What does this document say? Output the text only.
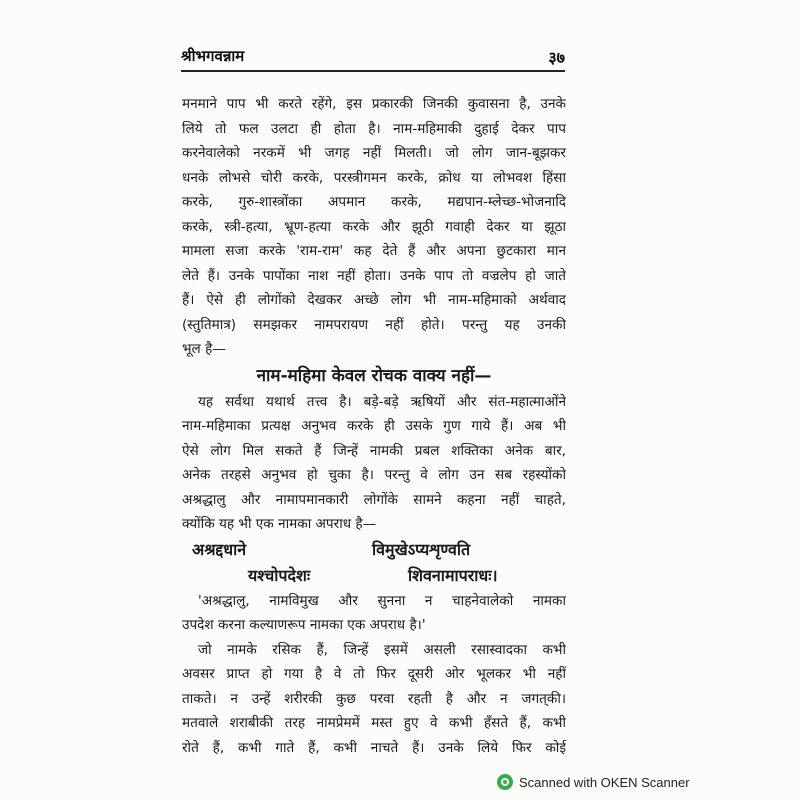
श्रीभगवन्नाम	३७
मनमाने पाप भी करते रहेंगे, इस प्रकारकी जिनकी कुवासना है, उनके
लिये तो फल उलटा ही होता है। नाम-महिमाकी दुहाई देकर पाप
करनेवालेको नरकमें भी जगह नहीं मिलती। जो लोग जान-बूझकर
धनके लोभसे चोरी करके, परस्त्रीगमन करके, क्रोध या लोभवश हिंसा
करके, गुरु-शास्त्रोंका अपमान करके, मद्यपान-म्लेच्छ-भोजनादि
करके, स्त्री-हत्या, भ्रूण-हत्या करके और झूठी गवाही देकर या झूठा
मामला सजा करके 'राम-राम' कह देते हैं और अपना छुटकारा मान
लेते हैं। उनके पापोंका नाश नहीं होता। उनके पाप तो वज्रलेप हो जाते
हैं। ऐसे ही लोगोंको देखकर अच्छे लोग भी नाम-महिमाको अर्थवाद
(स्तुतिमात्र) समझकर नामपरायण नहीं होते। परन्तु यह उनकी
भूल है—
नाम-महिमा केवल रोचक वाक्य नहीं—
यह सर्वथा यथार्थ तत्त्व है। बड़े-बड़े ऋषियों और संत-महात्माओंने
नाम-महिमाका प्रत्यक्ष अनुभव करके ही उसके गुण गाये हैं। अब भी
ऐसे लोग मिल सकते हैं जिन्हें नामकी प्रबल शक्तिका अनेक बार,
अनेक तरहसे अनुभव हो चुका है। परन्तु वे लोग उन सब रहस्योंको
अश्रद्धालु और नामापमानकारी लोगोंके सामने कहना नहीं चाहते,
क्योंकि यह भी एक नामका अपराध है—
अश्रद्दधाने	विमुखेऽप्यशृण्वति
यश्चोपदेशः	शिवनामापराधः।
'अश्रद्धालु, नामविमुख और सुनना न चाहनेवालेको नामका
उपदेश करना कल्याणरूप नामका एक अपराध है।'
जो नामके रसिक हैं, जिन्हें इसमें असली रसास्वादका कभी
अवसर प्राप्त हो गया है वे तो फिर दूसरी ओर भूलकर भी नहीं
ताकते। न उन्हें शरीरकी कुछ परवा रहती है और न जगत्‌की।
मतवाले शराबीकी तरह नामप्रेममें मस्त हुए वे कभी हँसते हैं, कभी
रोते हैं, कभी गाते हैं, कभी नाचते हैं। उनके लिये फिर कोई
Scanned with OKEN Scanner
